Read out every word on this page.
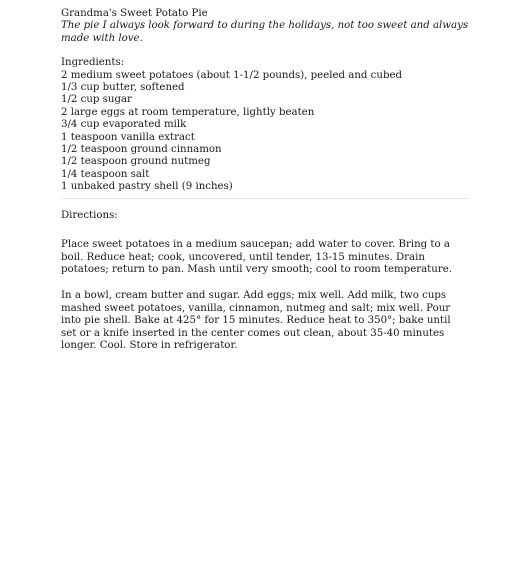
Grandma's Sweet Potato Pie
The pie I always look forward to during the holidays, not too sweet and always made with love.
Ingredients:
2 medium sweet potatoes (about 1-1/2 pounds), peeled and cubed
1/3 cup butter, softened
1/2 cup sugar
2 large eggs at room temperature, lightly beaten
3/4 cup evaporated milk
1 teaspoon vanilla extract
1/2 teaspoon ground cinnamon
1/2 teaspoon ground nutmeg
1/4 teaspoon salt
1 unbaked pastry shell (9 inches)
Directions:

Place sweet potatoes in a medium saucepan; add water to cover. Bring to a boil. Reduce heat; cook, uncovered, until tender, 13-15 minutes. Drain potatoes; return to pan. Mash until very smooth; cool to room temperature.

In a bowl, cream butter and sugar. Add eggs; mix well. Add milk, two cups mashed sweet potatoes, vanilla, cinnamon, nutmeg and salt; mix well. Pour into pie shell. Bake at 425° for 15 minutes. Reduce heat to 350°; bake until set or a knife inserted in the center comes out clean, about 35-40 minutes longer. Cool. Store in refrigerator.
